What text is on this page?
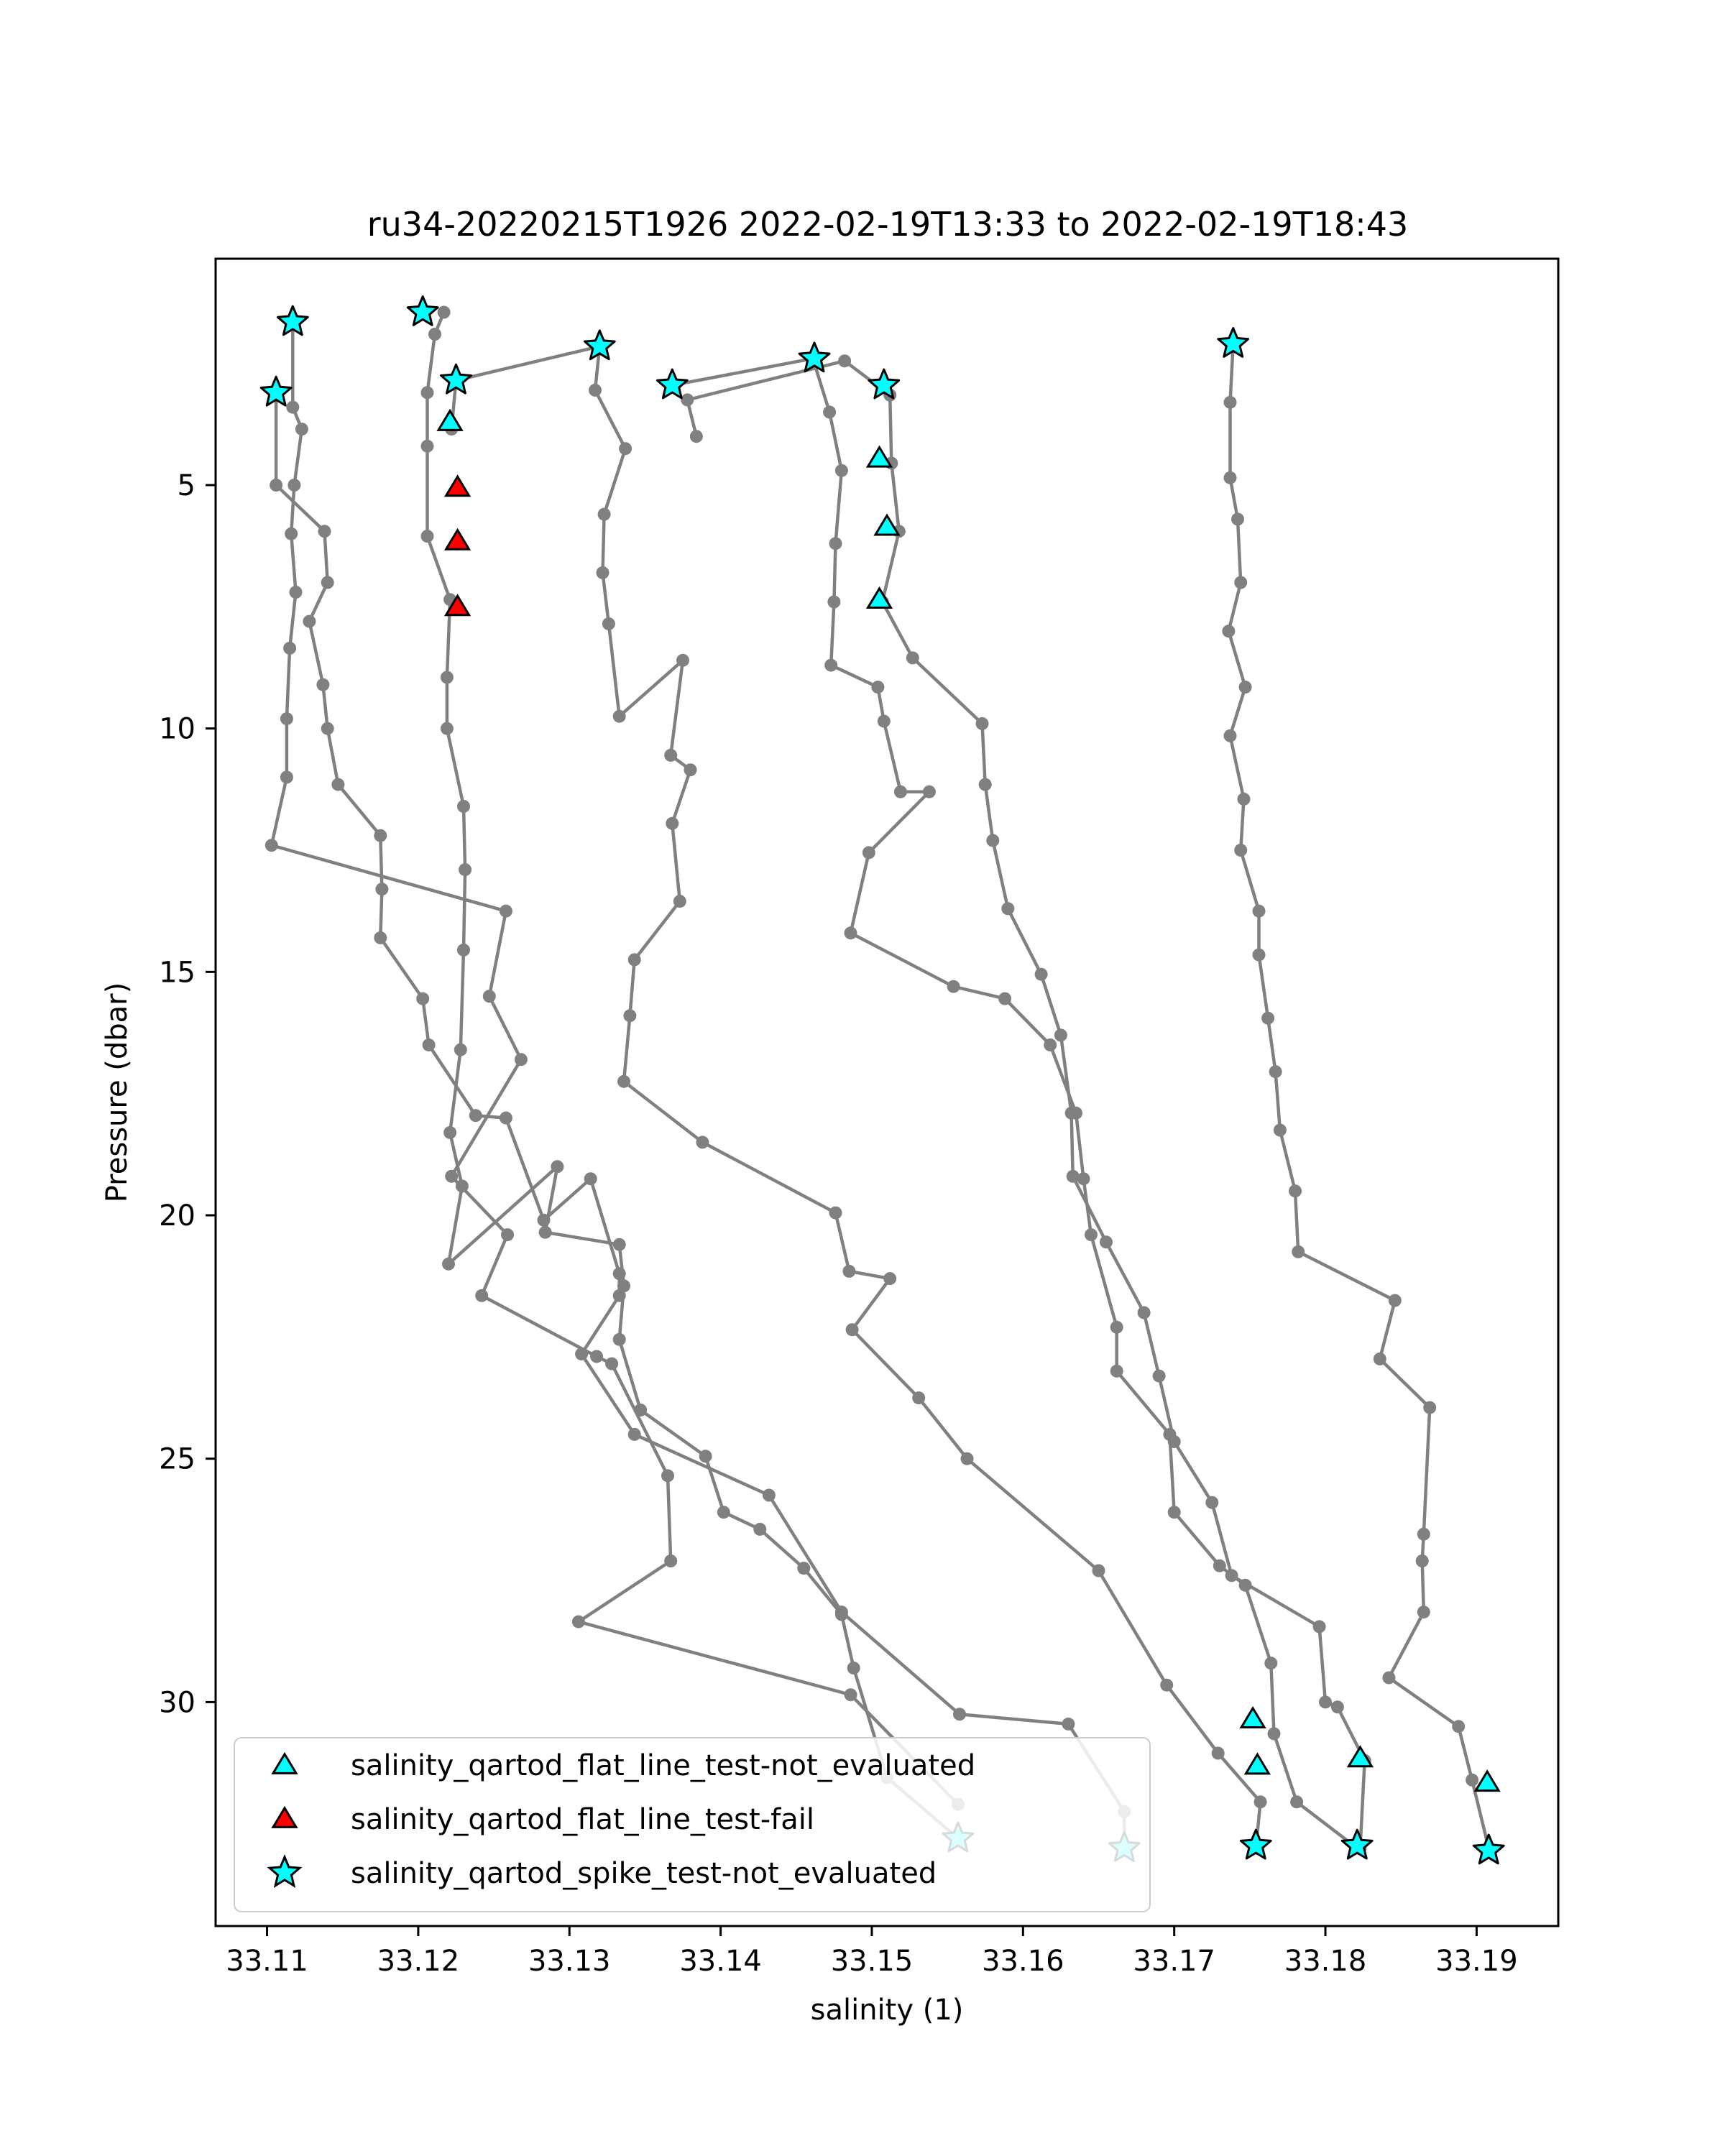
ru34-20220215T1926 2022-02-19T13:33 to 2022-02-19T18:43
33.11 33.12 33.13 33.14 33.15 33.16 33.17 33.18 33.19
5
10
15
20
25
30
salinity (1)
Pressure (dbar)
salinity_qartod_flat_line_test-not_evaluated
salinity_qartod_flat_line_test-fail
salinity_qartod_spike_test-not_evaluated
